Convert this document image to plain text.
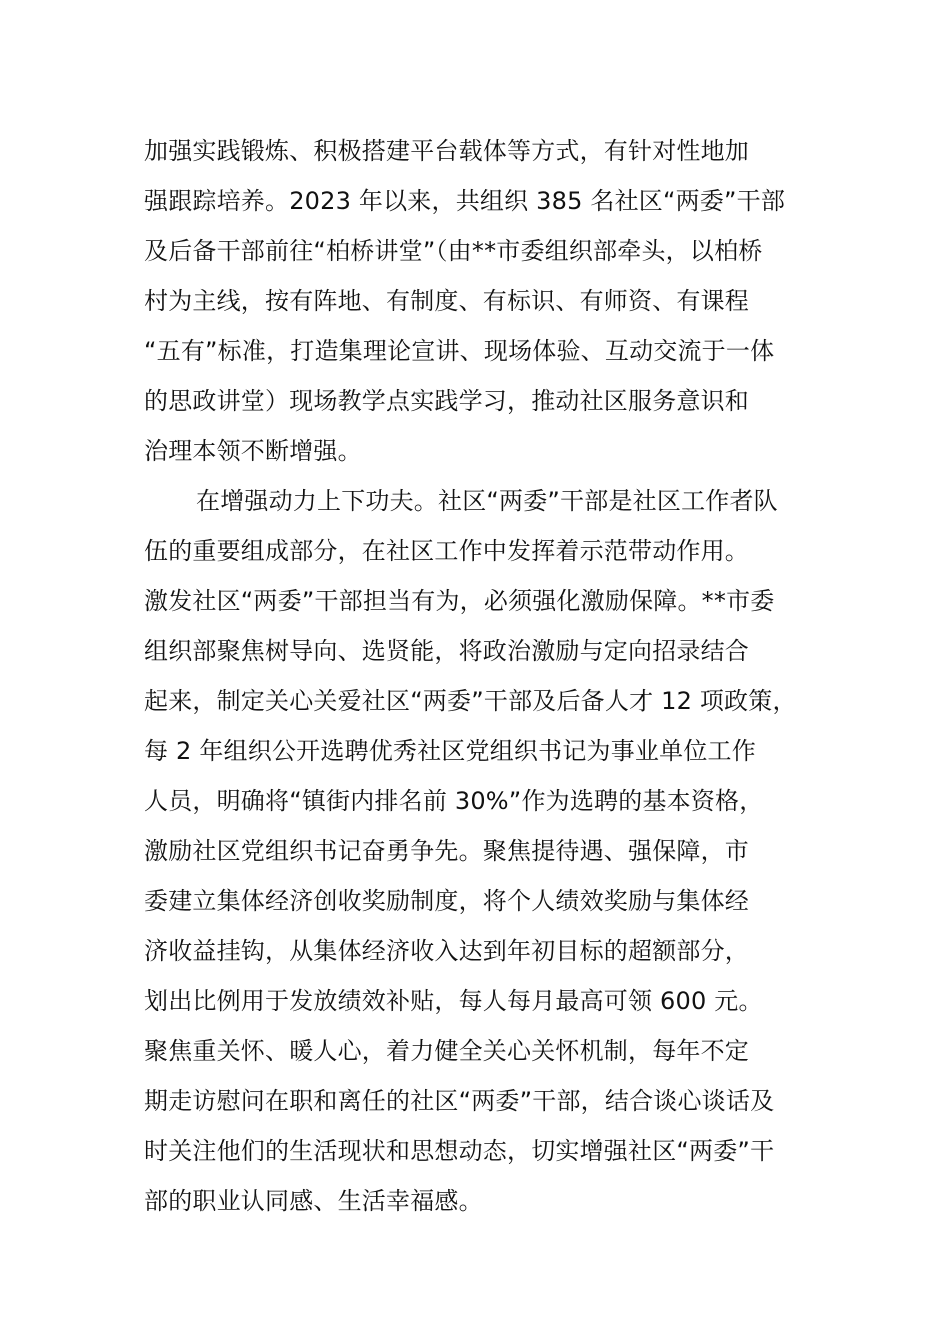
加强实践锻炼、积极搭建平台载体等方式，有针对性地加
强跟踪培养。2023 年以来，共组织 385 名社区“两委”干部
及后备干部前往“柏桥讲堂”（由**市委组织部牵头，以柏桥
村为主线，按有阵地、有制度、有标识、有师资、有课程
“五有”标准，打造集理论宣讲、现场体验、互动交流于一体
的思政讲堂）现场教学点实践学习，推动社区服务意识和
治理本领不断增强。
在增强动力上下功夫。社区“两委”干部是社区工作者队
伍的重要组成部分，在社区工作中发挥着示范带动作用。
激发社区“两委”干部担当有为，必须强化激励保障。**市委
组织部聚焦树导向、选贤能，将政治激励与定向招录结合
起来，制定关心关爱社区“两委”干部及后备人才 12 项政策，
每 2 年组织公开选聘优秀社区党组织书记为事业单位工作
人员，明确将“镇街内排名前 30%”作为选聘的基本资格，
激励社区党组织书记奋勇争先。聚焦提待遇、强保障，市
委建立集体经济创收奖励制度，将个人绩效奖励与集体经
济收益挂钩，从集体经济收入达到年初目标的超额部分，
划出比例用于发放绩效补贴，每人每月最高可领 600 元。
聚焦重关怀、暖人心，着力健全关心关怀机制，每年不定
期走访慰问在职和离任的社区“两委”干部，结合谈心谈话及
时关注他们的生活现状和思想动态，切实增强社区“两委”干
部的职业认同感、生活幸福感。
